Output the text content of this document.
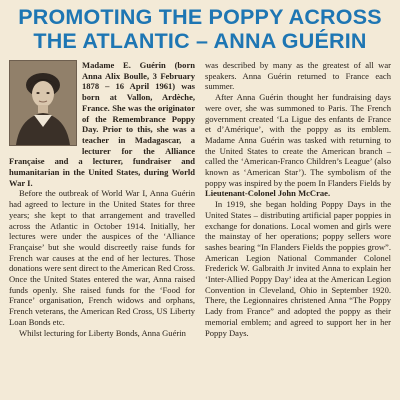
PROMOTING THE POPPY ACROSS
THE ATLANTIC – ANNA GUÉRIN

Madame E. Guérin (born Anna Alix Boulle, 3 February 1878 – 16 April 1961) was born at Vallon, Ardèche, France. She was the originator of the Remembrance Poppy Day. Prior to this, she was a teacher in Madagascar, a lecturer for the Alliance Française and a lecturer, fundraiser and humanitarian in the United States, during World War I.

Before the outbreak of World War I, Anna Guérin had agreed to lecture in the United States for three years; she kept to that arrangement and travelled across the Atlantic in October 1914. Initially, her lectures were under the auspices of the ‘Alliance Française’ but she would discreetly raise funds for French war causes at the end of her lectures. Those donations were sent direct to the American Red Cross. Once the United States entered the war, Anna raised funds openly. She raised funds for the ‘Food for France’ organisation, French widows and orphans, French veterans, the American Red Cross, US Liberty Loan Bonds etc.

Whilst lecturing for Liberty Bonds, Anna Guérin

was described by many as the greatest of all war speakers. Anna Guérin returned to France each summer.

After Anna Guérin thought her fundraising days were over, she was summoned to Paris. The French government created ‘La Ligue des enfants de France et d’Amérique’, with the poppy as its emblem. Madame Anna Guérin was tasked with returning to the United States to create the American branch – called the ‘American-Franco Children’s League’ (also known as ‘American Star’). The symbolism of the poppy was inspired by the poem In Flanders Fields by Lieutenant-Colonel John McCrae.

In 1919, she began holding Poppy Days in the United States – distributing artificial paper poppies in exchange for donations. Local women and girls were the mainstay of her operations; poppy sellers wore sashes bearing “In Flanders Fields the poppies grow”. American Legion National Commander Colonel Frederick W. Galbraith Jr invited Anna to explain her ‘Inter-Allied Poppy Day’ idea at the American Legion Convention in Cleveland, Ohio in September 1920. There, the Legionnaires christened Anna “The Poppy Lady from France” and adopted the poppy as their memorial emblem; and agreed to support her in her Poppy Days.
